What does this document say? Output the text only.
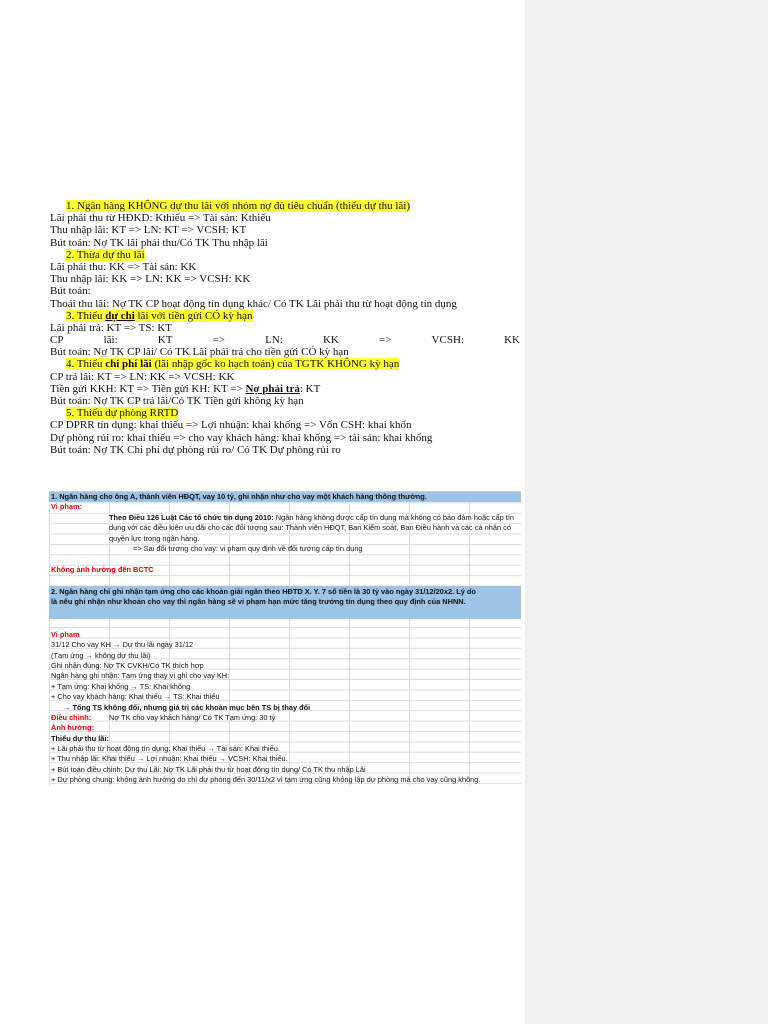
1. Ngân hàng KHÔNG dự thu lãi với nhóm nợ đủ tiêu chuẩn (thiếu dự thu lãi)
Lãi phải thu từ HĐKD: Kthiếu => Tài sản: Kthiếu
Thu nhập lãi: KT => LN: KT => VCSH: KT
Bút toán: Nợ TK lãi phải thu/Có TK Thu nhập lãi
2. Thừa dự thu lãi
Lãi phải thu: KK => Tài sản: KK
Thu nhập lãi: KK => LN: KK => VCSH: KK
Bút toán:
Thoái thu lãi: Nợ TK CP hoạt động tín dụng khác/ Có TK Lãi phải thu từ hoạt động tín dụng
3. Thiếu dự chi lãi với tiền gửi CÓ kỳ hạn
Lãi phải trả: KT => TS: KT
CP	lãi:	KT	=>	LN:	KK	=>	VCSH:	KK
Bút toán: Nợ TK CP lãi/ Có TK Lãi phải trả cho tiền gửi CÓ kỳ hạn
4. Thiếu chi phí lãi (lãi nhập gốc ko hạch toán) của TGTK KHÔNG kỳ hạn
CP trả lãi: KT => LN: KK => VCSH: KK
Tiền gửi KKH: KT => Tiền gửi KH: KT => Nợ phải trả: KT
Bút toán: Nợ TK CP trả lãi/Có TK Tiền gửi không kỳ hạn
5. Thiếu dự phòng RRTD
CP DPRR tín dụng: khai thiếu => Lợi nhuận: khai khống => Vốn CSH: khai khốn
Dự phòng rủi ro: khai thiếu => cho vay khách hàng: khai khống => tài sản: khai khống
Bút toán: Nợ TK Chi phí dự phòng rủi ro/ Có TK Dự phòng rủi ro
1. Ngân hàng cho ông A, thành viên HĐQT, vay 10 tỷ, ghi nhận như cho vay một khách hàng thông thường.
Vi phạm:
Theo Điều 126 Luật Các tổ chức tín dụng 2010: Ngân hàng không được cấp tín dụng mà không có bảo đảm hoặc cấp tín dụng với các điều kiện ưu đãi cho các đối tượng sau: Thành viên HĐQT, Ban Kiểm soát, Ban Điều hành và các cá nhân có quyền lực trong ngân hàng.
=> Sai đối tượng cho vay: vi phạm quy định về đối tượng cấp tín dụng
Không ảnh hưởng đến BCTC
2. Ngân hàng chỉ ghi nhận tạm ứng cho các khoản giải ngân theo HĐTD X. Y. 7 số tiền là 30 tỷ vào ngày 31/12/20x2. Lý do là nếu ghi nhận như khoản cho vay thì ngân hàng sẽ vi phạm hạn mức tăng trưởng tín dụng theo quy định của NHNN.
Vi phạm
31/12 Cho vay KH → Dự thu lãi ngày 31/12
(Tạm ứng → không dự thu lãi)
Ghi nhận đúng: Nợ TK CVKH/Có TK thích hợp
Ngân hàng ghi nhận: Tạm ứng thay vì ghi cho vay KH:
+ Tạm ứng: Khai khống → TS: Khai khống
+ Cho vay khách hàng: Khai thiếu → TS: Khai thiếu
→ Tổng TS không đổi, nhưng giá trị các khoản mục bên TS bị thay đổi
Điều chỉnh: Nợ TK cho vay khách hàng/ Có TK Tạm ứng: 30 tỷ
Ảnh hưởng:
Thiếu dự thu lãi:
+ Lãi phải thu từ hoạt động tín dụng: Khai thiếu → Tài sản: Khai thiếu.
+ Thu nhập lãi: Khai thiếu → Lợi nhuận: Khai thiếu → VCSH: Khai thiếu.
+ Bút toán điều chỉnh: Dự thu Lãi: Nợ TK Lãi phải thu từ hoạt động tín dụng/ Có TK thu nhập Lãi
+ Dự phòng chung: không ảnh hưởng do chỉ dự phòng đến 30/11/x2 vì tạm ứng cũng không lập dự phòng mà cho vay cũng không.
